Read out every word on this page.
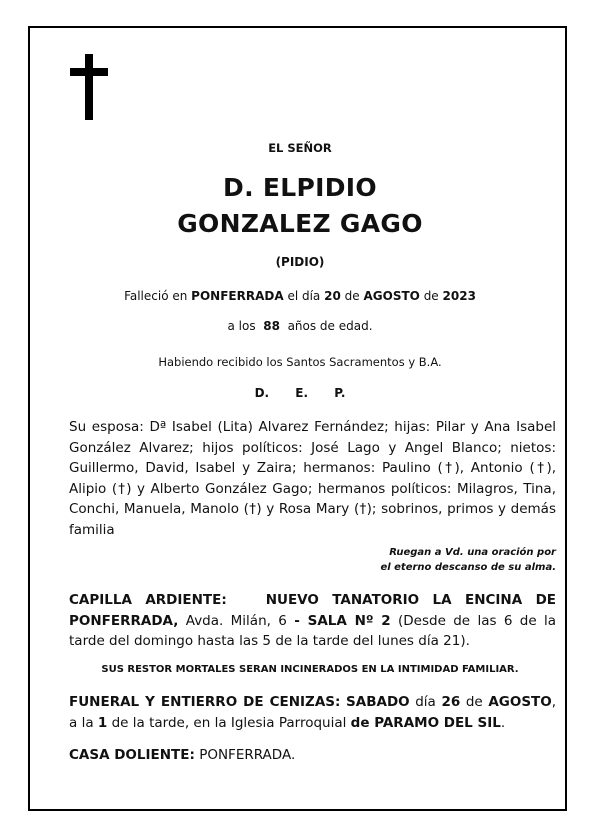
EL SEÑOR
D. ELPIDIO
GONZALEZ GAGO
(PIDIO)
Falleció en PONFERRADA el día 20 de AGOSTO de 2023
a los 88 años de edad.
Habiendo recibido los Santos Sacramentos y B.A.
D. E. P.
Su esposa: Dª Isabel (Lita) Alvarez Fernández; hijas: Pilar y Ana Isabel González Alvarez; hijos políticos: José Lago y Angel Blanco; nietos: Guillermo, David, Isabel y Zaira; hermanos: Paulino (†), Antonio (†), Alipio (†) y Alberto González Gago; hermanos políticos: Milagros, Tina, Conchi, Manuela, Manolo (†) y Rosa Mary (†); sobrinos, primos y demás familia
Ruegan a Vd. una oración por
el eterno descanso de su alma.
CAPILLA ARDIENTE:	NUEVO TANATORIO LA ENCINA DE PONFERRADA, Avda. Milán, 6 - SALA Nº 2 (Desde de las 6 de la tarde del domingo hasta las 5 de la tarde del lunes día 21).
SUS RESTOR MORTALES SERAN INCINERADOS EN LA INTIMIDAD FAMILIAR.
FUNERAL Y ENTIERRO DE CENIZAS: SABADO día 26 de AGOSTO, a la 1 de la tarde, en la Iglesia Parroquial de PARAMO DEL SIL.
CASA DOLIENTE: PONFERRADA.
